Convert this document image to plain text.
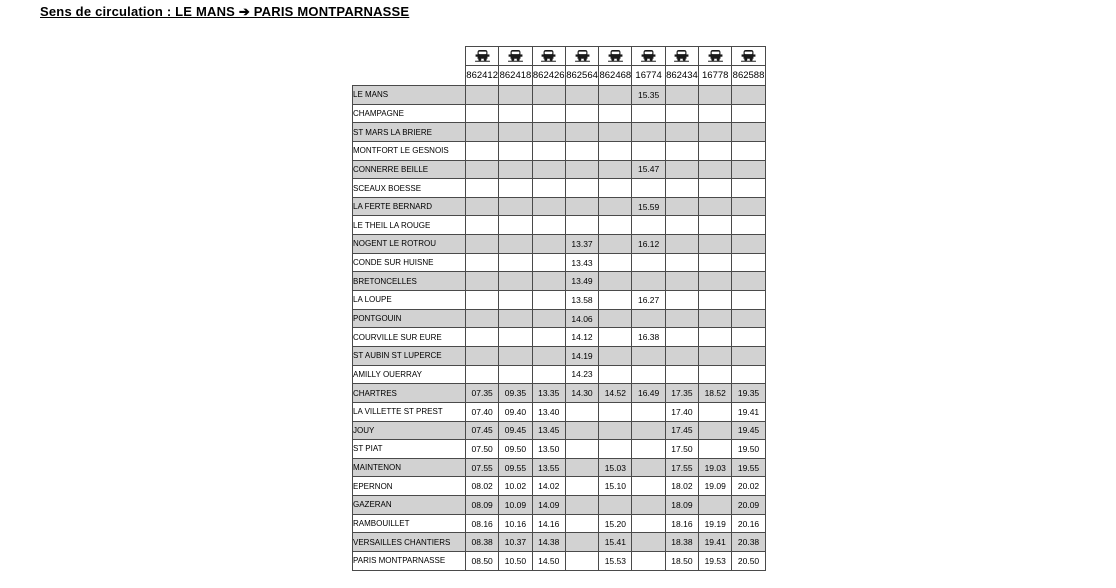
Sens de circulation : LE MANS ➔ PARIS MONTPARNASSE

	862412	862418	862426	862564	862468	16774	862434	16778	862588
LE MANS						15.35			
CHAMPAGNE									
ST MARS LA BRIERE									
MONTFORT LE GESNOIS									
CONNERRE BEILLE						15.47			
SCEAUX BOESSE									
LA FERTE BERNARD						15.59			
LE THEIL LA ROUGE									
NOGENT LE ROTROU				13.37		16.12			
CONDE SUR HUISNE				13.43					
BRETONCELLES				13.49					
LA LOUPE				13.58		16.27			
PONTGOUIN				14.06					
COURVILLE SUR EURE				14.12		16.38			
ST AUBIN ST LUPERCE				14.19					
AMILLY OUERRAY				14.23					
CHARTRES	07.35	09.35	13.35	14.30	14.52	16.49	17.35	18.52	19.35
LA VILLETTE ST PREST	07.40	09.40	13.40				17.40		19.41
JOUY	07.45	09.45	13.45				17.45		19.45
ST PIAT	07.50	09.50	13.50				17.50		19.50
MAINTENON	07.55	09.55	13.55		15.03		17.55	19.03	19.55
EPERNON	08.02	10.02	14.02		15.10		18.02	19.09	20.02
GAZERAN	08.09	10.09	14.09				18.09		20.09
RAMBOUILLET	08.16	10.16	14.16		15.20		18.16	19.19	20.16
VERSAILLES CHANTIERS	08.38	10.37	14.38		15.41		18.38	19.41	20.38
PARIS MONTPARNASSE	08.50	10.50	14.50		15.53		18.50	19.53	20.50
